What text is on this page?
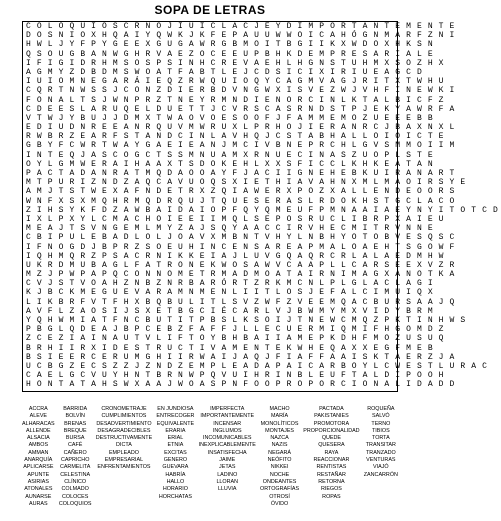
SOPA DE LETRAS
C O L O Q U I O S C R N O J I U I C L A C J E Y D I M P O R T A N T E M E N T E
D O S N I O X H Q A I Y Q W K J K F E P A U U W W O I C A H Ó G N M A R F Z N I
H W L J Y F P Y G E E X G U G A W R G B M O I T B G I I K X W D O X H K S N
Q S O U G B A N W G H R V A E Z O C E E U P B H K D E M P R E S A R I A L E
I F I G I D R H M S O S P S I N H C R E V A E H L H G N S T U H M X S O Z H X
A G M Y Z D B D M S W O A T F A B T L E J C D S I C I X I R I U E A G C D
I U I O M N E G A R Á I E Q Z R W Q U I O Q Y C A G M V A G J R I T X T W H U
C Q R T N W S S J C O N Z D I E R B D V N G W X I S V E Z W J V H F I N E W K I
F O N A L T S J W N P R Z T N E Y R M N D I E N O R C I N L K T A L B I C F Z
C D E E S L A R U Q E L D U E T T J C V R S C A S R N D S T P J E K Y A W R F A
V T W J Y B U J J D M X T W A O V O E S O O F J F A M M E M O Z U E E E B B
E D I U D N R E E A N R Q U V M W R U X L P R H O J I E R A N R C J B A X N X L
R W B R Z E A R F S T A N D C I N L A V H Q J C S T A B H A L L O I O I C T E
G B Y F C W R T W A Y G A E I E A N J M C I V B N E P R C H L G V S M M O I I M
I N T E Q J A S C O G C T S S M N U A M X R N U E C I N A S Z U O P L S T E
O Y L G M W E R A I H A A X T S D O K E H L X X S F I C C L K H K E A T A N
P A C T A D A N R A T M Q D A O O A Y F J A C I I G N E H E B K U I R A N A R T
M T P U R I Z N D Z A Q C A V U O Q S X I E T H I A V A H N X M L M A O I R S Y E
A M J T S T W E X A F N D E T R X Z Q I A W E R X P O Z X A L L E N D E O O R S
W N F X S X M Q H R M Q D R Q U J T Q U E S E R A S L R D O K H S T G C L A C O
Z I H S Y K F D Z A W B A I D A I O P F Q Y Q M E U F P M N A A I A E Y N Y I T O T C D
I X L P X Y L C M A C H O I E E I I M Q L S E P O S R U C L I B R P X A I E U
M E A J T S V N G E M L M Y Z A J S Q Y A A C C I R V H E C M I T R V N N E
C B I P U L E B A D L O L J O A V X M B N T V H Y L N B H Y O T O B V E S Q S C
I F N O G D J B P R Z S O E U H I N C E N S A R E A P M A L O A E H T S G O W F
I Q H M Q R Z P S A C R N I K K E I A J L U V G Q A Q R C R L A L A E D M H W
U K R D M U B A G L F A T R O N E K W O S A W V C A A P L L C A R S E E X V Z R
M Z J P W P A P Q C O N N O M E T R M A D M O A T A I R N I M A G X A N O T K A
C V J S T V O A H Z N B Z N R B A R Ó R T Z R K M C N L P L G L A C L A G I
K J B C K M E G U E V A R A M N M E N L I I T L O S J E F A L C I M U I Q X
L I K B R F V T F H X B Q B U L I T L S V Z W F Z V E E M Q A C B U R S A A J Q
A V F L Z A O S I J S X E T B G C I É C A R L V J B W M Y M X V I D Y B R M
Y Q H W M I A T F N C B U T I T P B S L K S O I J T N E W C M Q Z P K T I N H W S
P B G L Q D E A J B P C E B Z F A F F J L L E C U E R M I Q M I F H G O M D Z
Z C E Z I A I N A U T V L I F T O Y B H B A I I A M E P K D H F M O Z U S U Q
B R H I I R X I D E S T R U C T I V A M E N T E K W H E Q A X X E G F M E B
B S I E E R C E R U M G H I I R W A I J A Q J F I A F F A A I S K T A E R Z J A
U C B G Z E C S Z Z J Z N D Z E M P L E A D A P A I C A R B O Y L C W E S T L U R A C
C A E L G C V U Y H N T B R N W P Q V U I H R I N B L E U F T A L D I P O O H
H O N T A T A H S W X A A J W O A S P N F O O P R O P O R C I O N A L I D A D D
ACCRA
ALEVE
ALHARACAS
ALLENDE
ALSACIA
AMBOS
AMMAN
ANARQUÍA
APLICARSE
APUNTE
ASIRIAS
ATONALES
AUNARSE
AURAS
BARRIDA
BOLVÍN
BRENAS
BREQUE
BURSA
CAFÉ
CAÑERO
CAPRICHO
CARMELITA
CELESTINA
CLÍNICO
COLMADO
COLOCES
COLOQUIOS
CRONOMETRAJE
CUMPLIMIENTOS
DESADVERTIMIENTO
DESAGRADECIBLES
DESTRUCTIVAMENTE
DICTA
EMPLEADO
EMPRESARIAL
ENFRENTAMIENTOS
EN JUNDIOSA
ENTRECOGER
EQUIVALENTE
ERARIA
ERIAL
ETNIA
EXCITAS
GENERO
GUEVARA
HABRÍA
HALLO
HORARIO
HORCHATAS
IMPERFECTA
IMPORTANTEMENTE
INCENSAR
INGLUMOS
INCOMUNICABLES
INEXPLICABLEMENTE
INSATISFECHA
JAIME
JETAS
LADINO
LLORAN
LLUVIA
MACHO
MARÍA
MONOLÍTICOS
MONTAJES
NAZCA
NAZIS
NEGARÁ
NEÓFITO
NIKKEI
NOCHE
ONDEANTES
ORTOGRAFÍAS
OTROSÍ
ÓVIDO
PACTADA
PAKISTANIES
PROMOTORA
PROPORCIONALIDAD
QUEDE
QUESERA
RAYA
REACCIONAR
RENTISTAS
RESTAÑAR
RETORNA
RIEGOS
ROPAS
ROQUEÑA
SALVÓ
TERNO
TIBIOS
TORTA
TRANSITAR
TRANZADO
VENTURAS
VIAJÓ
ZANCARRÓN
